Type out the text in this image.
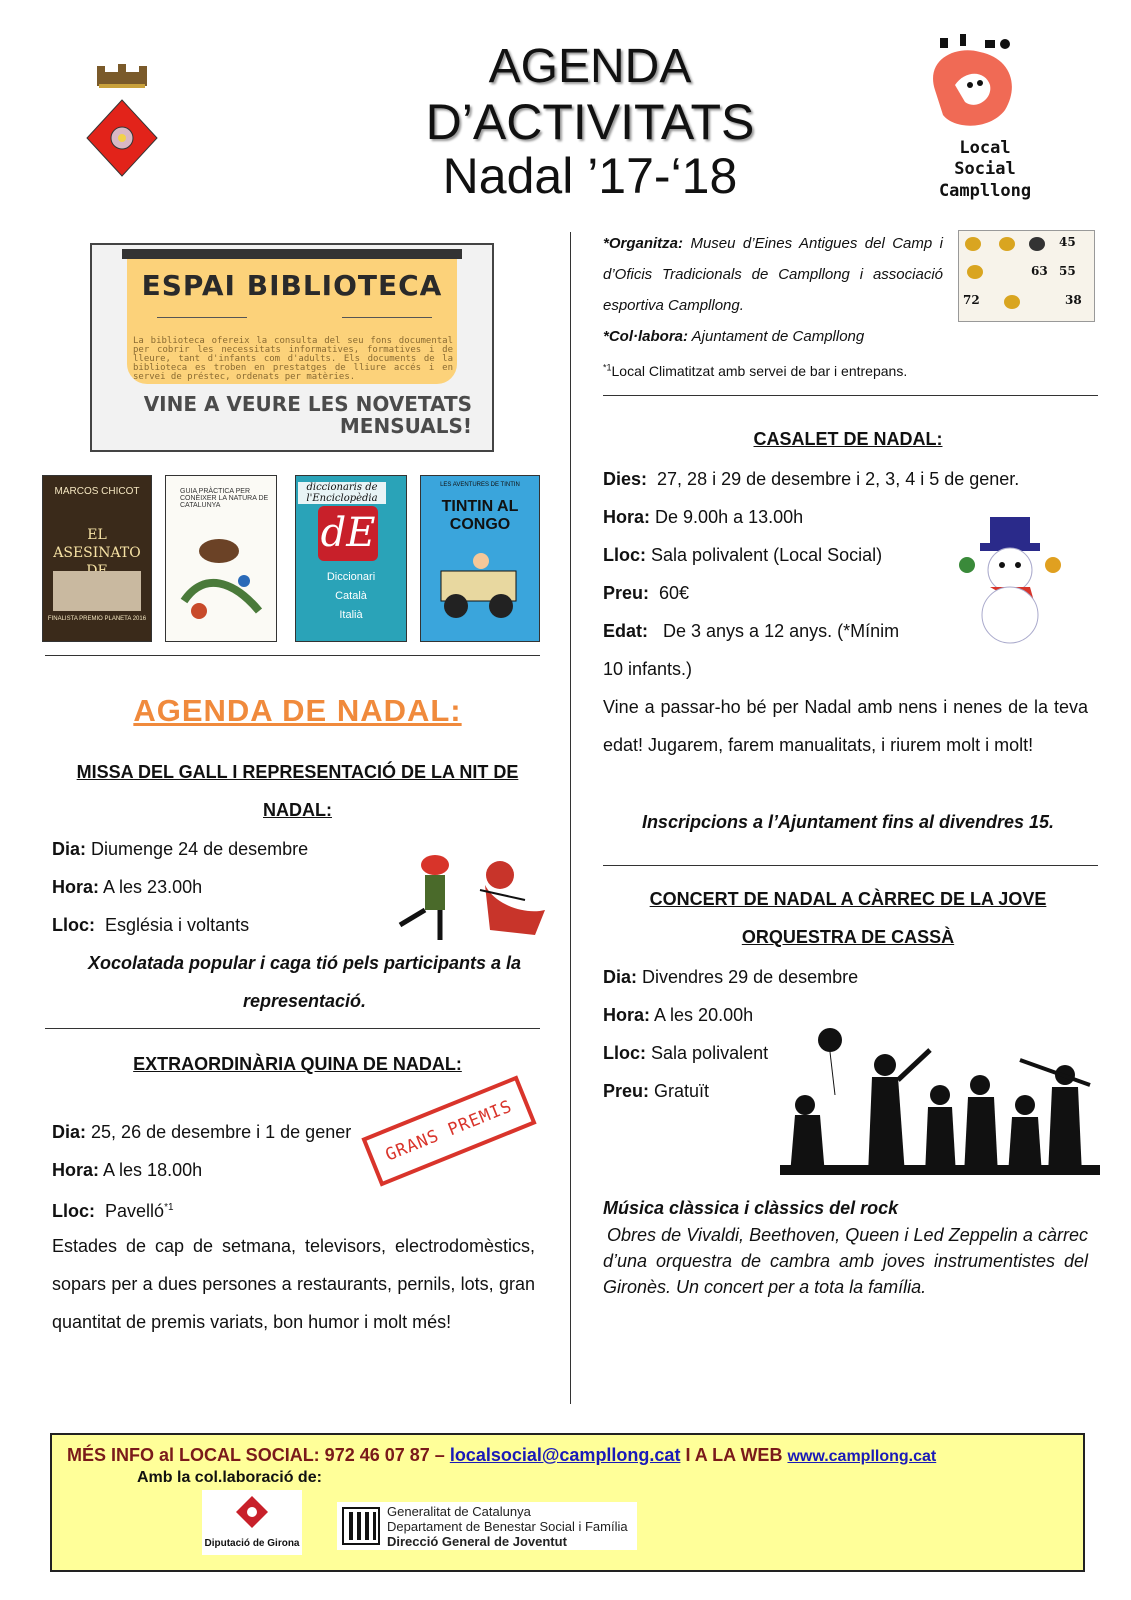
AGENDA
D’ACTIVITATS
Nadal ’17-‘18	Local Social Campllong
ESPAI BIBLIOTECA
La biblioteca ofereix la consulta del seu fons documental per cobrir les necessitats informatives, formatives i de lleure, tant d'infants com d'adults. Els documents de la biblioteca es troben en prestatges de lliure accés i en servei de préstec, ordenats per matèries.
VINE A VEURE LES NOVETATS
MENSUALS!
MARCOS CHICOT
EL ASESINATO
FINALISTA PREMIO PLANETA 2016
GUIA PRÀCTICA PER CONÈIXER LA NATURA DE CATALUNYA
diccionaris de l'Enciclopèdia
dE
Diccionari
Català
Italià
LES AVENTURES DE TINTIN
TINTIN AL CONGO
AGENDA DE NADAL:
MISSA DEL GALL I REPRESENTACIÓ DE LA NIT DE
NADAL:
Dia: Diumenge 24 de desembre
Hora: A les 23.00h
Lloc: Església i voltants
Xocolatada popular i caga tió pels participants a la
representació.
EXTRAORDINÀRIA QUINA DE NADAL:
Dia: 25, 26 de desembre i 1 de gener
Hora: A les 18.00h
Lloc: Pavelló$^{*1}$
GRANS PREMIS
Estades de cap de setmana, televisors, electrodomèstics, sopars per a dues persones a restaurants, pernils, lots, gran quantitat de premis variats, bon humor i molt més!
*Organitza: Museu d’Eines Antigues del Camp i d’Oficis Tradicionals de Campllong i associació esportiva Campllong.
*Col·labora: Ajuntament de Campllong
$^{*1}$Local Climatitzat amb servei de bar i entrepans.
45
63 55
72	38
CASALET DE NADAL:
Dies: 27, 28 i 29 de desembre i 2, 3, 4 i 5 de gener.
Hora: De 9.00h a 13.00h
Lloc: Sala polivalent (Local Social)
Preu: 60€
Edat: De 3 anys a 12 anys. (*Mínim
10 infants.)
Vine a passar-ho bé per Nadal amb nens i nenes de la teva edat! Jugarem, farem manualitats, i riurem molt i molt!
Inscripcions a l’Ajuntament fins al divendres 15.
CONCERT DE NADAL A CÀRREC DE LA JOVE
ORQUESTRA DE CASSÀ
Dia: Divendres 29 de desembre
Hora: A les 20.00h
Lloc: Sala polivalent
Preu: Gratuït
Música clàssica i clàssics del rock
Obres de Vivaldi, Beethoven, Queen i Led Zeppelin a càrrec d’una orquestra de cambra amb joves instrumentistes del Gironès. Un concert per a tota la família.
MÉS INFO al LOCAL SOCIAL: 972 46 07 87 – localsocial@campllong.cat I A LA WEB www.campllong.cat
Amb la col.laboració de:
Diputació de Girona
Generalitat de Catalunya
Departament de Benestar Social i Família
Direcció General de Joventut
